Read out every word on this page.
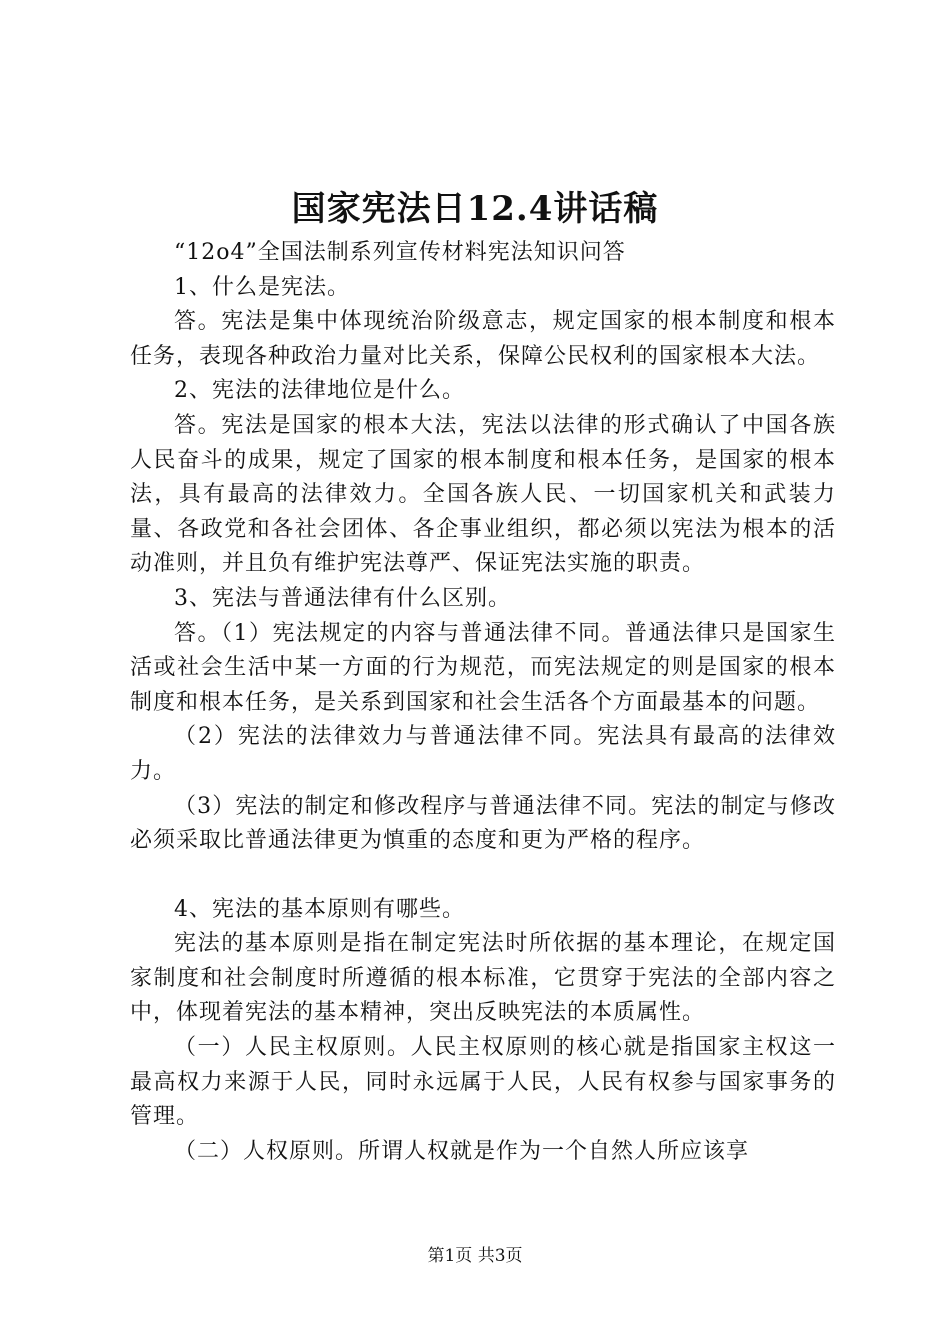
国家宪法日12.4讲话稿

“12o4”全国法制系列宣传材料宪法知识问答

1、什么是宪法。

答。宪法是集中体现统治阶级意志，规定国家的根本制度和根本任务，表现各种政治力量对比关系，保障公民权利的国家根本大法。

2、宪法的法律地位是什么。

答。宪法是国家的根本大法，宪法以法律的形式确认了中国各族人民奋斗的成果，规定了国家的根本制度和根本任务，是国家的根本法，具有最高的法律效力。全国各族人民、一切国家机关和武装力量、各政党和各社会团体、各企事业组织，都必须以宪法为根本的活动准则，并且负有维护宪法尊严、保证宪法实施的职责。

3、宪法与普通法律有什么区别。

答。（1）宪法规定的内容与普通法律不同。普通法律只是国家生活或社会生活中某一方面的行为规范，而宪法规定的则是国家的根本制度和根本任务，是关系到国家和社会生活各个方面最基本的问题。

（2）宪法的法律效力与普通法律不同。宪法具有最高的法律效力。

（3）宪法的制定和修改程序与普通法律不同。宪法的制定与修改必须采取比普通法律更为慎重的态度和更为严格的程序。

4、宪法的基本原则有哪些。

宪法的基本原则是指在制定宪法时所依据的基本理论，在规定国家制度和社会制度时所遵循的根本标准，它贯穿于宪法的全部内容之中，体现着宪法的基本精神，突出反映宪法的本质属性。

（一）人民主权原则。人民主权原则的核心就是指国家主权这一最高权力来源于人民，同时永远属于人民，人民有权参与国家事务的管理。

（二）人权原则。所谓人权就是作为一个自然人所应该享

第1页 共3页
